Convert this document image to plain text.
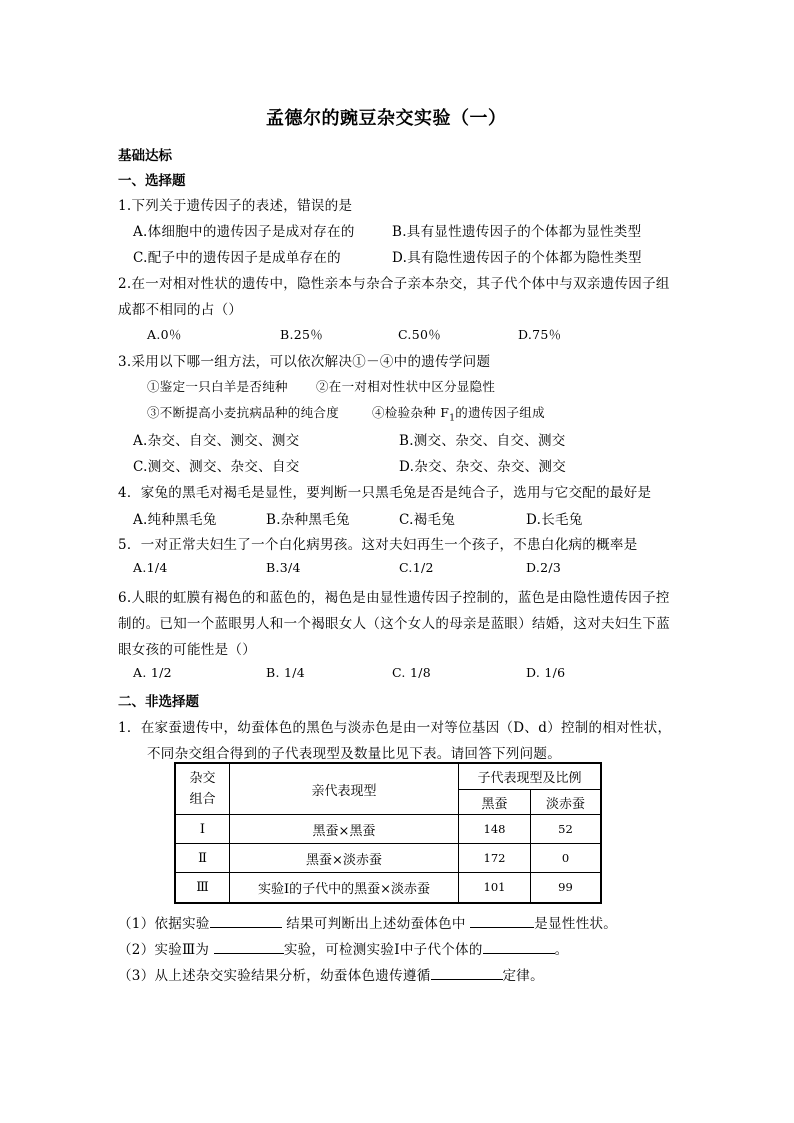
孟德尔的豌豆杂交实验（一）
基础达标
一、选择题
1.下列关于遗传因子的表述，错误的是
A.体细胞中的遗传因子是成对存在的	B.具有显性遗传因子的个体都为显性类型
C.配子中的遗传因子是成单存在的	D.具有隐性遗传因子的个体都为隐性类型
2.在一对相对性状的遗传中，隐性亲本与杂合子亲本杂交，其子代个体中与双亲遗传因子组
成都不相同的占（）
A.0％	B.25％	C.50％	D.75％
3.采用以下哪一组方法，可以依次解决①－④中的遗传学问题
①鉴定一只白羊是否纯种 ②在一对相对性状中区分显隐性
③不断提高小麦抗病品种的纯合度	④检验杂种 $F_1$的遗传因子组成
A.杂交、自交、测交、测交	B.测交、杂交、自交、测交
C.测交、测交、杂交、自交	D.杂交、杂交、杂交、测交
4．家兔的黑毛对褐毛是显性，要判断一只黑毛兔是否是纯合子，选用与它交配的最好是
A.纯种黑毛兔	B.杂种黑毛兔	C.褐毛兔	D.长毛兔
5．一对正常夫妇生了一个白化病男孩。这对夫妇再生一个孩子，不患白化病的概率是
A.1/4	B.3/4	C.1/2	D.2/3
6.人眼的虹膜有褐色的和蓝色的，褐色是由显性遗传因子控制的，蓝色是由隐性遗传因子控
制的。已知一个蓝眼男人和一个褐眼女人（这个女人的母亲是蓝眼）结婚，这对夫妇生下蓝
眼女孩的可能性是（）
A. 1/2	B. 1/4	C. 1/8	D. 1/6
二、非选择题
1．在家蚕遗传中，幼蚕体色的黑色与淡赤色是由一对等位基因（D、d）控制的相对性状，
不同杂交组合得到的子代表现型及数量比见下表。请回答下列问题。
杂交
组合	亲代表现型	子代表现型及比例	
		黑蚕	淡赤蚕
Ⅰ	黑蚕×黑蚕	148	52
Ⅱ	黑蚕×淡赤蚕	172	0
Ⅲ	实验Ⅰ的子代中的黑蚕×淡赤蚕	101	99
（1）依据实验	结果可判断出上述幼蚕体色中	是显性性状。
（2）实验Ⅲ为	实验，可检测实验Ⅰ中子代个体的	。
（3）从上述杂交实验结果分析，幼蚕体色遗传遵循	定律。
